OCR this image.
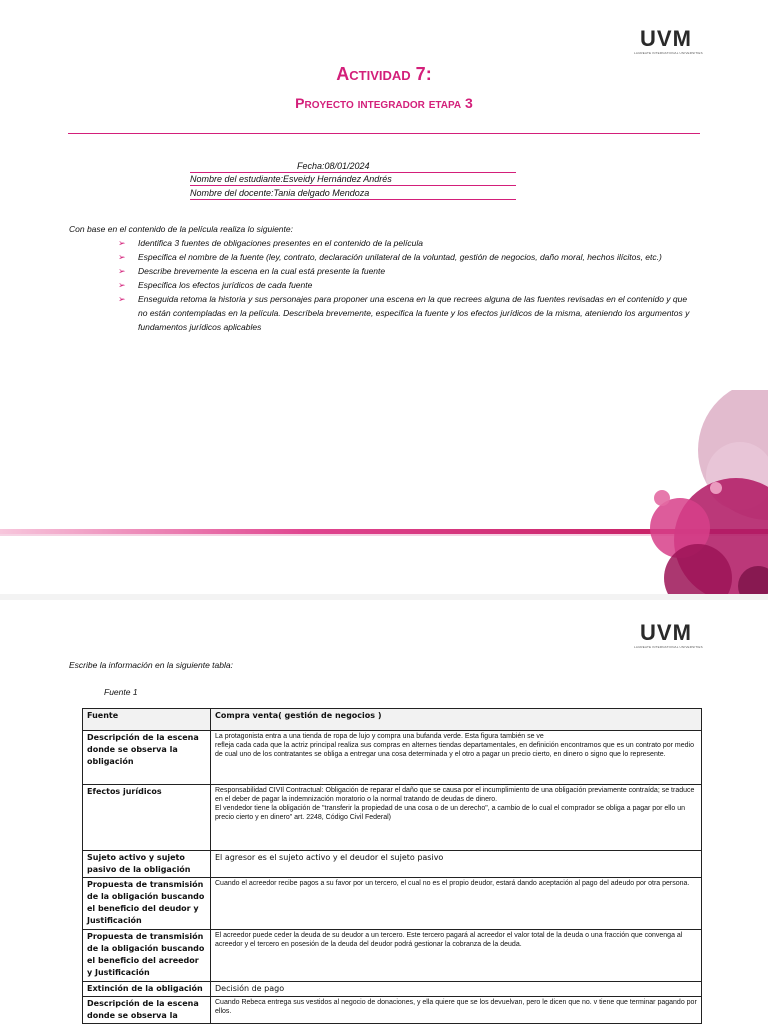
UVM
LAUREATE INTERNATIONAL UNIVERSITIES
Actividad 7:
Proyecto integrador etapa 3
Fecha:08/01/2024
Nombre del estudiante:Esveidy Hernández Andrés
Nombre del docente:Tania delgado Mendoza
Con base en el contenido de la película realiza lo siguiente:
➢ Identifica 3 fuentes de obligaciones presentes en el contenido de la película
➢ Especifica el nombre de la fuente (ley, contrato, declaración unilateral de la voluntad, gestión de negocios, daño moral, hechos ilícitos, etc.)
➢ Describe brevemente la escena en la cual está presente la fuente
➢ Especifica los efectos jurídicos de cada fuente
➢ Enseguida retoma la historia y sus personajes para proponer una escena en la que recrees alguna de las fuentes revisadas en el contenido y que no están contempladas en la película. Descríbela brevemente, especifica la fuente y los efectos jurídicos de la misma, ateniendo los argumentos y fundamentos jurídicos aplicables
UVM
LAUREATE INTERNATIONAL UNIVERSITIES
Escribe la información en la siguiente tabla:
Fuente 1
Fuente	Compra venta( gestión de negocios )
Descripción de la escena donde se observa la obligación	La protagonista entra a una tienda de ropa de lujo y compra una bufanda verde. Esta figura también se ve
refleja cada cada que la actriz principal realiza sus compras en alternes tiendas departamentales, en definición encontramos que es un contrato por medio de cual uno de los contratantes se obliga a entregar una cosa determinada y el otro a pagar un precio cierto, en dinero o signo que lo represente.

Efectos jurídicos	Responsabilidad CIVIl Contractual: Obligación de reparar el daño que se causa por el incumplimiento de una obligación previamente contraída; se traduce en el deber de pagar la indemnización moratorio o la normal tratando de deudas de dinero.
El vendedor tiene la obligación de "transferir la propiedad de una cosa o de un derecho", a cambio de lo cual el comprador se obliga a pagar por ello un precio cierto y en dinero" art. 2248, Código Civil Federal)

Sujeto activo y sujeto pasivo de la obligación	El agresor es el sujeto activo y el deudor el sujeto pasivo
Propuesta de transmisión de la obligación buscando el beneficio del deudor y Justificación	Cuando el acreedor recibe pagos a su favor por un tercero, el cual no es el propio deudor, estará dando aceptación al pago del adeudo por otra persona.

Propuesta de transmisión de la obligación buscando el beneficio del acreedor y Justificación	El acreedor puede ceder la deuda de su deudor a un tercero. Este tercero pagará al acreedor el valor total de la deuda o una fracción que convenga al acreedor y el tercero en posesión de la deuda del deudor podrá gestionar la cobranza de la deuda.

Extinción de la obligación	Decisión de pago
Descripción de la escena donde se observa la	Cuando Rebeca entrega sus vestidos al negocio de donaciones, y ella quiere que se los devuelvan, pero le dicen que no. v tiene que terminar pagando por ellos.
